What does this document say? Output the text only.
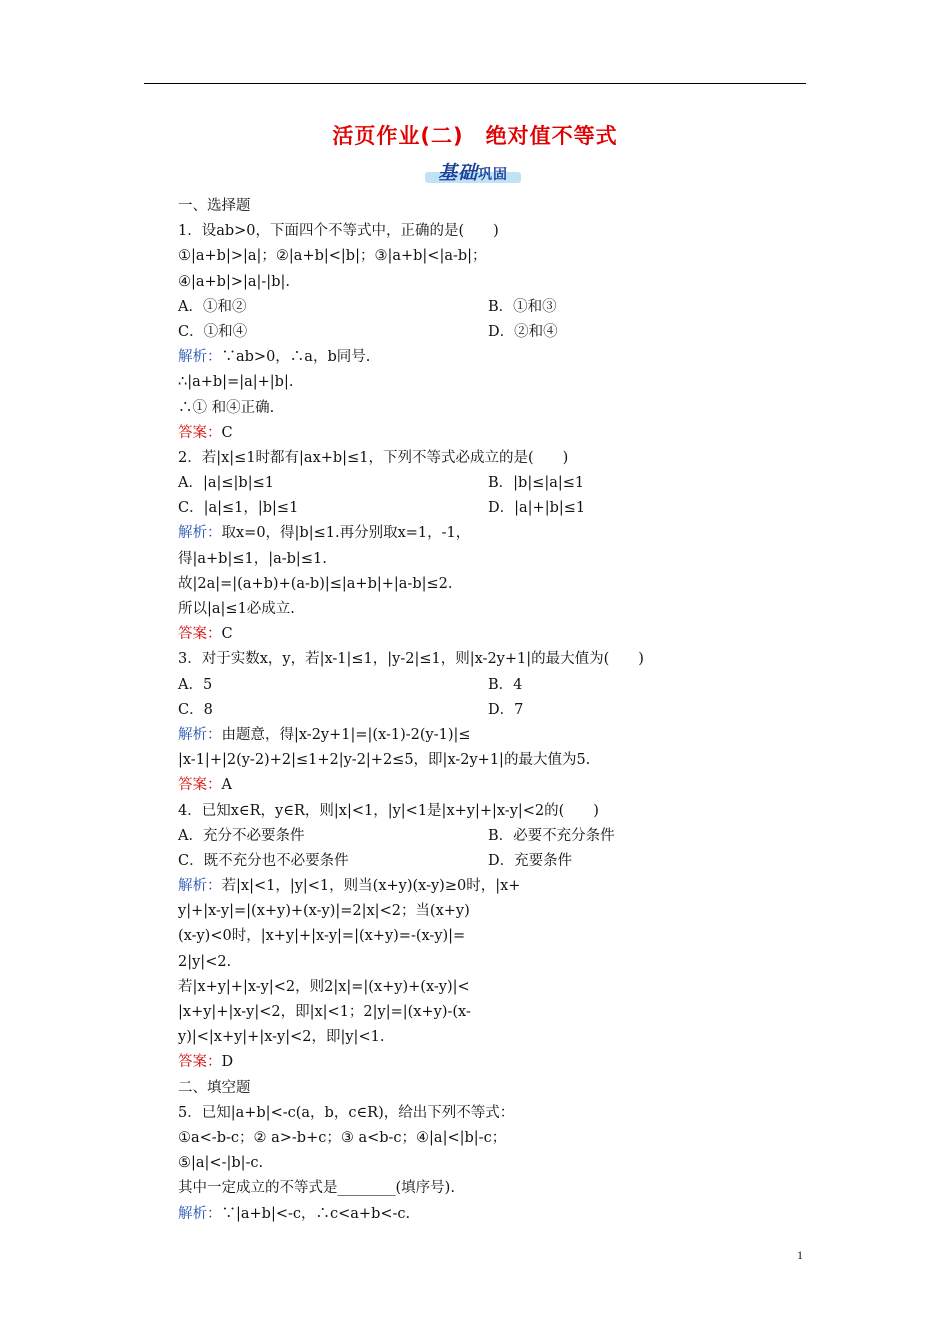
活页作业(二)　绝对值不等式
基础巩固
一、选择题
1．设ab>0，下面四个不等式中，正确的是(　　)
①|a+b|>|a|；②|a+b|<|b|；③|a+b|<|a-b|；
④|a+b|>|a|-|b|.
A．①和②	B．①和③
C．①和④	D．②和④
解析：∵ab>0，∴a，b同号.
∴|a+b|=|a|+|b|.
∴① 和④正确.
答案：C
2．若|x|≤1时都有|ax+b|≤1，下列不等式必成立的是(　　)
A．|a|≤|b|≤1	B．|b|≤|a|≤1
C．|a|≤1，|b|≤1	D．|a|+|b|≤1
解析：取x=0，得|b|≤1.再分别取x=1，-1，
得|a+b|≤1，|a-b|≤1.
故|2a|=|(a+b)+(a-b)|≤|a+b|+|a-b|≤2.
所以|a|≤1必成立.
答案：C
3．对于实数x，y，若|x-1|≤1，|y-2|≤1，则|x-2y+1|的最大值为(　　)
A．5	B．4
C．8	D．7
解析：由题意，得|x-2y+1|=|(x-1)-2(y-1)|≤
|x-1|+|2(y-2)+2|≤1+2|y-2|+2≤5，即|x-2y+1|的最大值为5.
答案：A
4．已知x∈R，y∈R，则|x|<1，|y|<1是|x+y|+|x-y|<2的(　　)
A．充分不必要条件	B．必要不充分条件
C．既不充分也不必要条件	D．充要条件
解析：若|x|<1，|y|<1，则当(x+y)(x-y)≥0时，|x+
y|+|x-y|=|(x+y)+(x-y)|=2|x|<2；当(x+y)
(x-y)<0时，|x+y|+|x-y|=|(x+y)=-(x-y)|=
2|y|<2.
若|x+y|+|x-y|<2，则2|x|=|(x+y)+(x-y)|<
|x+y|+|x-y|<2，即|x|<1；2|y|=|(x+y)-(x-
y)|<|x+y|+|x-y|<2，即|y|<1.
答案：D
二、填空题
5．已知|a+b|<-c(a，b，c∈R)，给出下列不等式：
①a<-b-c；② a>-b+c；③ a<b-c；④|a|<|b|-c；
⑤|a|<-|b|-c.
其中一定成立的不等式是________(填序号).
解析：∵|a+b|<-c，∴c<a+b<-c.
1
